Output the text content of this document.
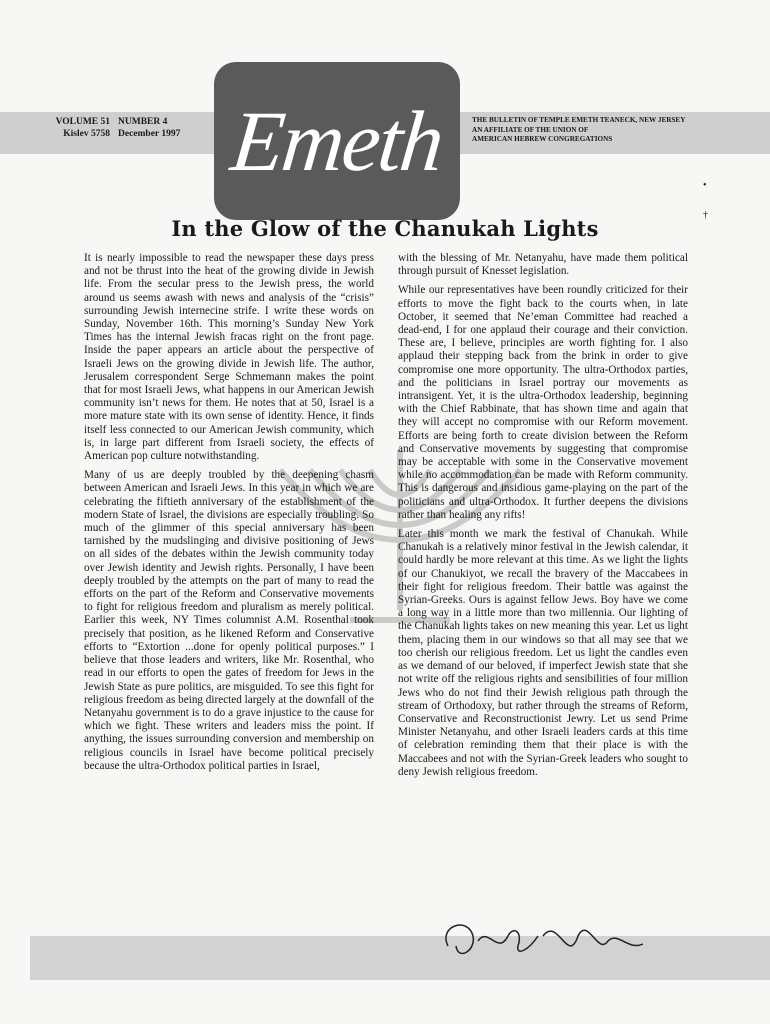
VOLUME 51 NUMBER 4
Kislev 5758 December 1997 Emeth	THE BULLETIN OF TEMPLE EMETH TEANECK, NEW JERSEY
AN AFFILIATE OF THE UNION OF
AMERICAN HEBREW CONGREGATIONS
•
†
In the Glow of the Chanukah Lights

It is nearly impossible to read the newspaper these days press and not be thrust into the heat of the growing divide in Jewish life. From the secular press to the Jewish press, the world around us seems awash with news and analysis of the “crisis” surrounding Jewish internecine strife. I write these words on Sunday, November 16th. This morning’s Sunday New York Times has the internal Jewish fracas right on the front page. Inside the paper appears an article about the perspective of Israeli Jews on the growing divide in Jewish life. The author, Jerusalem correspondent Serge Schmemann makes the point that for most Israeli Jews, what happens in our American Jewish community isn’t news for them. He notes that at 50, Israel is a more mature state with its own sense of identity. Hence, it finds itself less connected to our American Jewish community, which is, in large part different from Israeli society, the effects of American pop culture notwithstanding.

Many of us are deeply troubled by the deepening chasm between American and Israeli Jews. In this year in which we are celebrating the fiftieth anniversary of the establishment of the modern State of Israel, the divisions are especially troubling. So much of the glimmer of this special anniversary has been tarnished by the mudslinging and divisive positioning of Jews on all sides of the debates within the Jewish community today over Jewish identity and Jewish rights. Personally, I have been deeply troubled by the attempts on the part of many to read the efforts on the part of the Reform and Conservative movements to fight for religious freedom and pluralism as merely political. Earlier this week, NY Times columnist A.M. Rosenthal took precisely that position, as he likened Reform and Conservative efforts to “Extortion ...done for openly political purposes.” I believe that those leaders and writers, like Mr. Rosenthal, who read in our efforts to open the gates of freedom for Jews in the Jewish State as pure politics, are misguided. To see this fight for religious freedom as being directed largely at the downfall of the Netanyahu government is to do a grave injustice to the cause for which we fight. These writers and leaders miss the point. If anything, the issues surrounding conversion and membership on religious councils in Israel have become political precisely because the ultra-Orthodox political parties in Israel,

with the blessing of Mr. Netanyahu, have made them political through pursuit of Knesset legislation.

While our representatives have been roundly criticized for their efforts to move the fight back to the courts when, in late October, it seemed that Ne’eman Committee had reached a dead-end, I for one applaud their courage and their conviction. These are, I believe, principles are worth fighting for. I also applaud their stepping back from the brink in order to give compromise one more opportunity. The ultra-Orthodox parties, and the politicians in Israel portray our movements as intransigent. Yet, it is the ultra-Orthodox leadership, beginning with the Chief Rabbinate, that has shown time and again that they will accept no compromise with our Reform movement. Efforts are being forth to create division between the Reform and Conservative movements by suggesting that compromise may be acceptable with some in the Conservative movement while no accommodation can be made with Reform community. This is dangerous and insidious game-playing on the part of the politicians and ultra-Orthodox. It further deepens the divisions rather than healing any rifts!

Later this month we mark the festival of Chanukah. While Chanukah is a relatively minor festival in the Jewish calendar, it could hardly be more relevant at this time. As we light the lights of our Chanukiyot, we recall the bravery of the Maccabees in their fight for religious freedom. Their battle was against the Syrian-Greeks. Ours is against fellow Jews. Boy have we come a long way in a little more than two millennia. Our lighting of the Chanukah lights takes on new meaning this year. Let us light them, placing them in our windows so that all may see that we too cherish our religious freedom. Let us light the candles even as we demand of our beloved, if imperfect Jewish state that she not write off the religious rights and sensibilities of four million Jews who do not find their Jewish religious path through the stream of Orthodoxy, but rather through the streams of Reform, Conservative and Reconstructionist Jewry. Let us send Prime Minister Netanyahu, and other Israeli leaders cards at this time of celebration reminding them that their place is with the Maccabees and not with the Syrian-Greek leaders who sought to deny Jewish religious freedom.
